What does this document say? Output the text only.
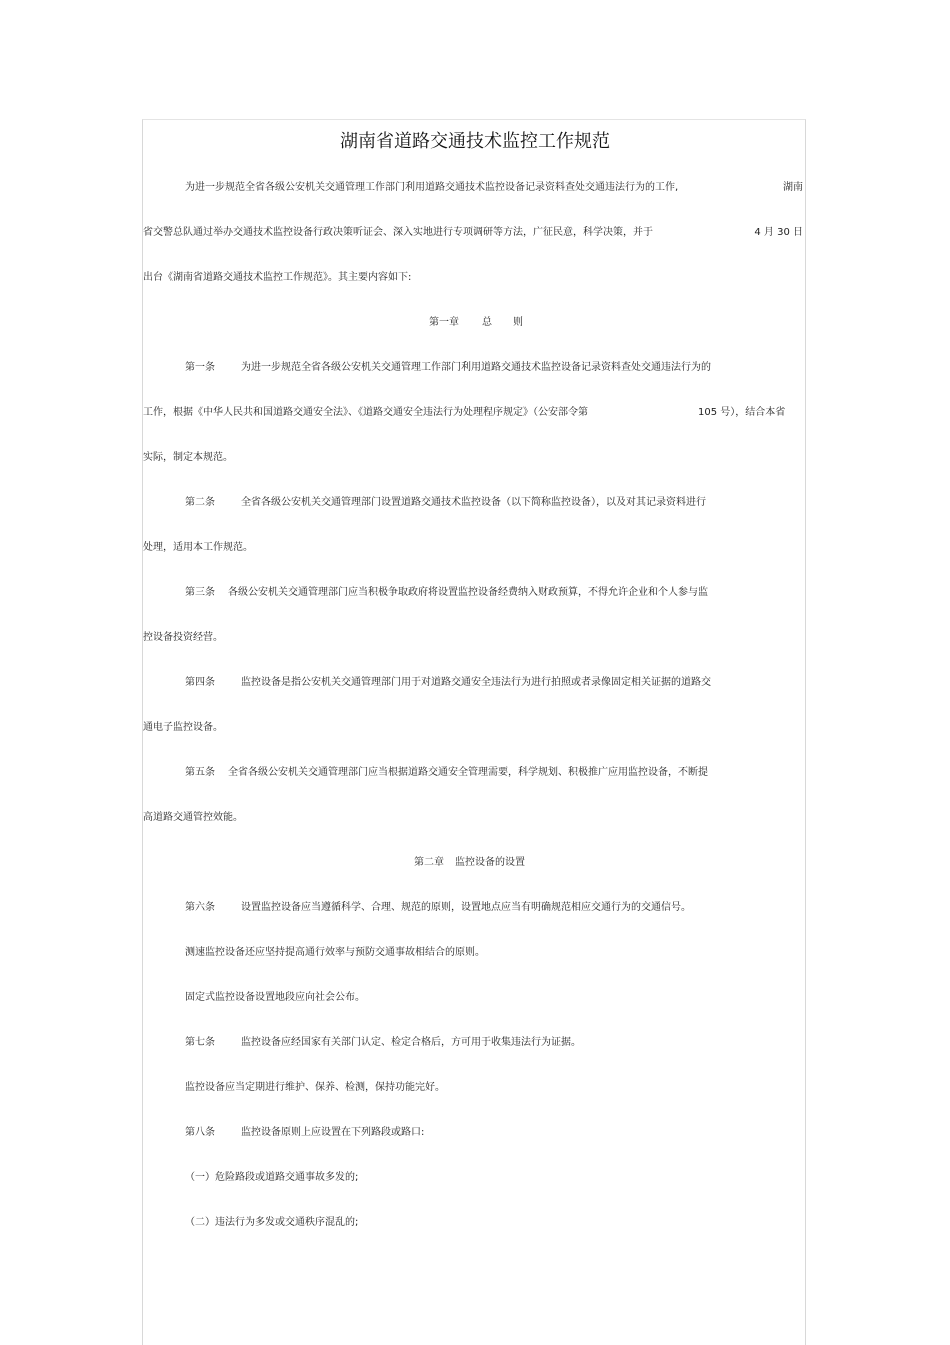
湖南省道路交通技术监控工作规范
为进一步规范全省各级公安机关交通管理工作部门利用道路交通技术监控设备记录资料查处交通违法行为的工作,	湖南
省交警总队通过举办交通技术监控设备行政决策听证会、深入实地进行专项调研等方法，广征民意，科学决策，并于	4 月 30 日
出台《湖南省道路交通技术监控工作规范》。其主要内容如下:
第一章 总 则
第一条	为进一步规范全省各级公安机关交通管理工作部门利用道路交通技术监控设备记录资料查处交通违法行为的
工作，根据《中华人民共和国道路交通安全法》、《道路交通安全违法行为处理程序规定》（公安部令第	105 号），结合本省
实际，制定本规范。
第二条	全省各级公安机关交通管理部门设置道路交通技术监控设备（以下简称监控设备），以及对其记录资料进行
处理，适用本工作规范。
第三条 各级公安机关交通管理部门应当积极争取政府将设置监控设备经费纳入财政预算，不得允许企业和个人参与监
控设备投资经营。
第四条	监控设备是指公安机关交通管理部门用于对道路交通安全违法行为进行拍照或者录像固定相关证据的道路交
通电子监控设备。
第五条 全省各级公安机关交通管理部门应当根据道路交通安全管理需要，科学规划、积极推广应用监控设备，不断提
高道路交通管控效能。
第二章 监控设备的设置
第六条	设置监控设备应当遵循科学、合理、规范的原则，设置地点应当有明确规范相应交通行为的交通信号。
测速监控设备还应坚持提高通行效率与预防交通事故相结合的原则。
固定式监控设备设置地段应向社会公布。
第七条	监控设备应经国家有关部门认定、检定合格后，方可用于收集违法行为证据。
监控设备应当定期进行维护、保养、检测，保持功能完好。
第八条	监控设备原则上应设置在下列路段或路口:
（一）危险路段或道路交通事故多发的;
（二）违法行为多发或交通秩序混乱的;
